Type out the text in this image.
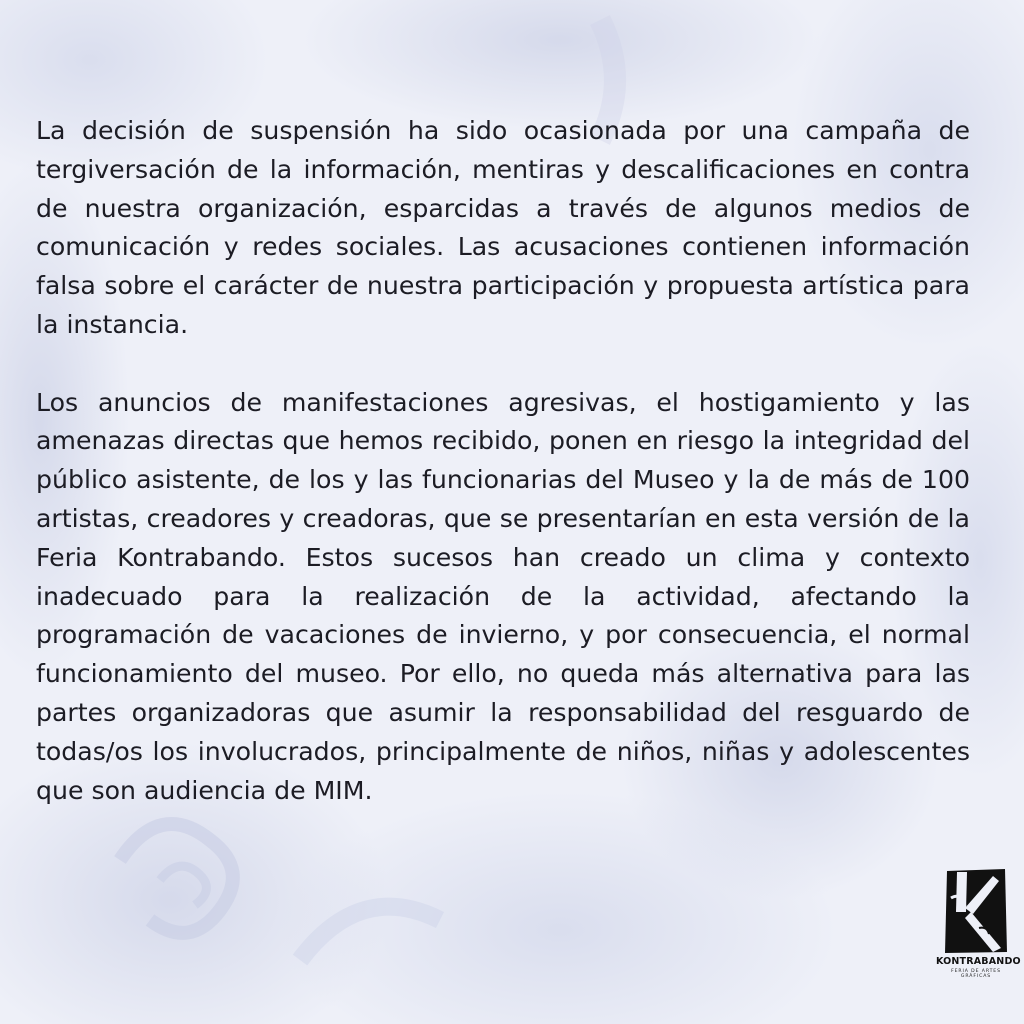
La decisión de suspensión ha sido ocasionada por una campaña de tergiversación de la información, mentiras y descalificaciones en contra de nuestra organización, esparcidas a través de algunos medios de comunicación y redes sociales. Las acusaciones contienen información falsa sobre el carácter de nuestra participación y propuesta artística para la instancia.

Los anuncios de manifestaciones agresivas, el hostigamiento y las amenazas directas que hemos recibido, ponen en riesgo la integridad del público asistente, de los y las funcionarias del Museo y la de más de 100 artistas, creadores y creadoras, que se presentarían en esta versión de la Feria Kontrabando. Estos sucesos han creado un clima y contexto inadecuado para la realización de la actividad, afectando la programación de vacaciones de invierno, y por consecuencia, el normal funcionamiento del museo. Por ello, no queda más alternativa para las partes organizadoras que asumir la responsabilidad del resguardo de todas/os los involucrados, principalmente de niños, niñas y adolescentes que son audiencia de MIM.

KONTRABANDO
FERIA DE ARTES GRÁFICAS
